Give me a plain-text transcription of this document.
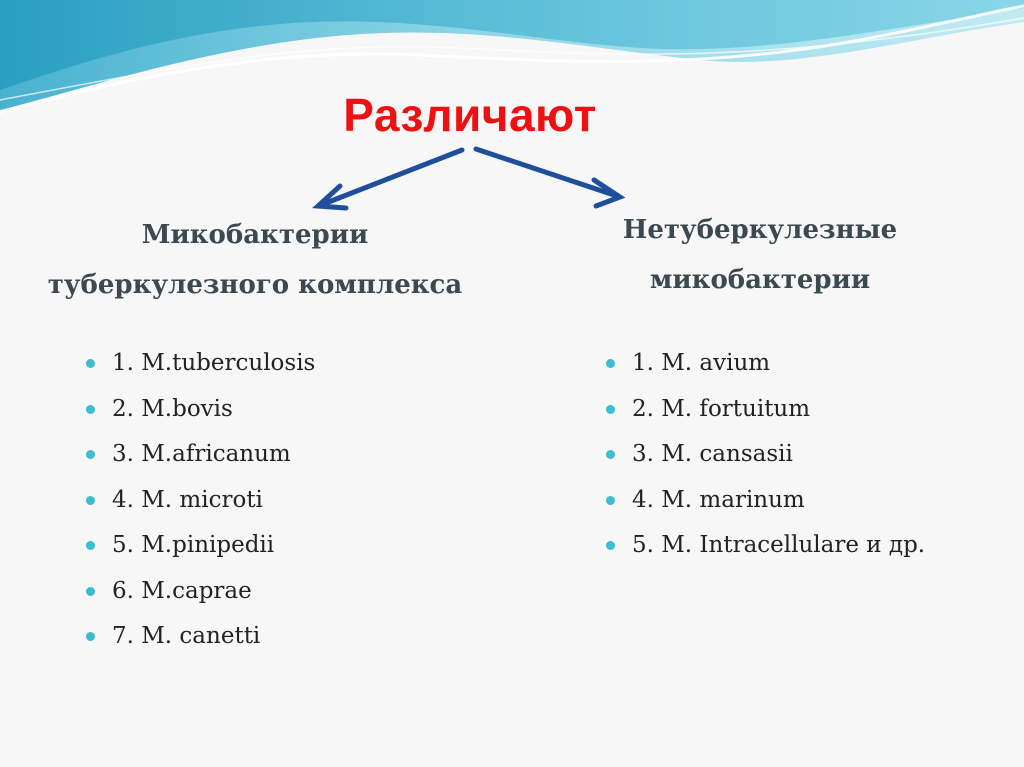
Различают
Микобактерии
туберкулезного комплекса
Нетуберкулезные
микобактерии
1. M.tuberculosis
2. M.bovis
3. M.africanum
4. M. microti
5. M.pinipedii
6. M.caprae
7. M. canetti
1. M. avium
2. M. fortuitum
3. M. cansasii
4. M. marinum
5. M. Intracellulare и др.
